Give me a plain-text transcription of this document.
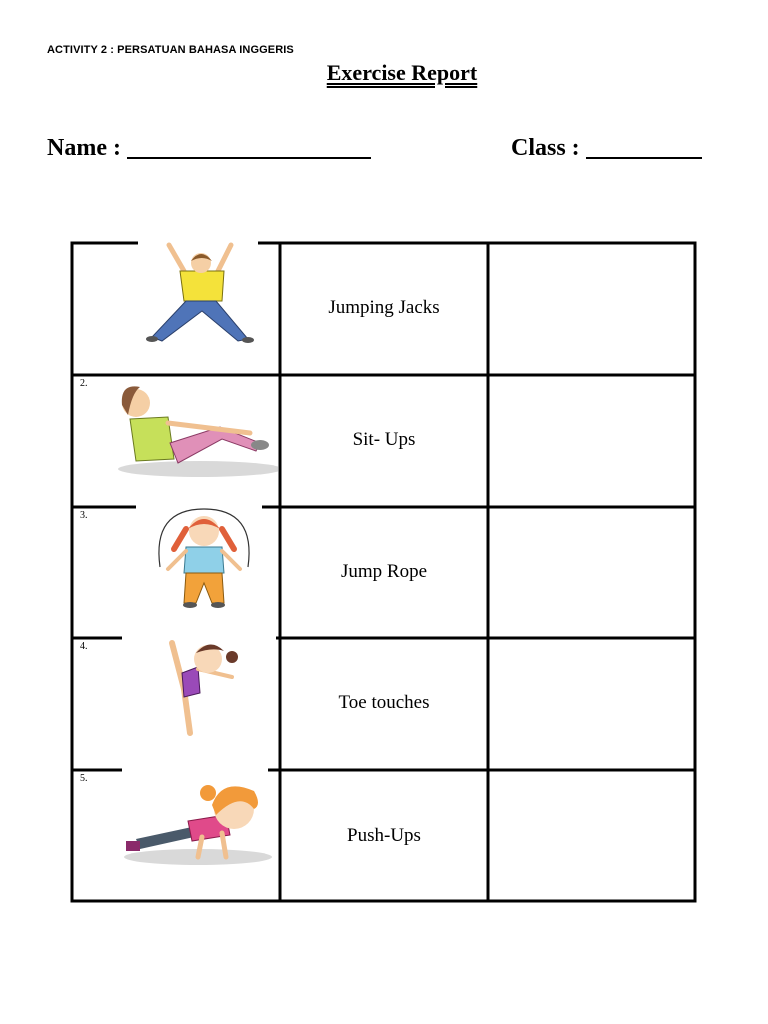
ACTIVITY 2 : PERSATUAN BAHASA INGGERIS
Exercise Report
Name :	Class :
Jumping Jacks
2.
Sit- Ups
3.
Jump Rope
4.
Toe touches
5.
Push-Ups
